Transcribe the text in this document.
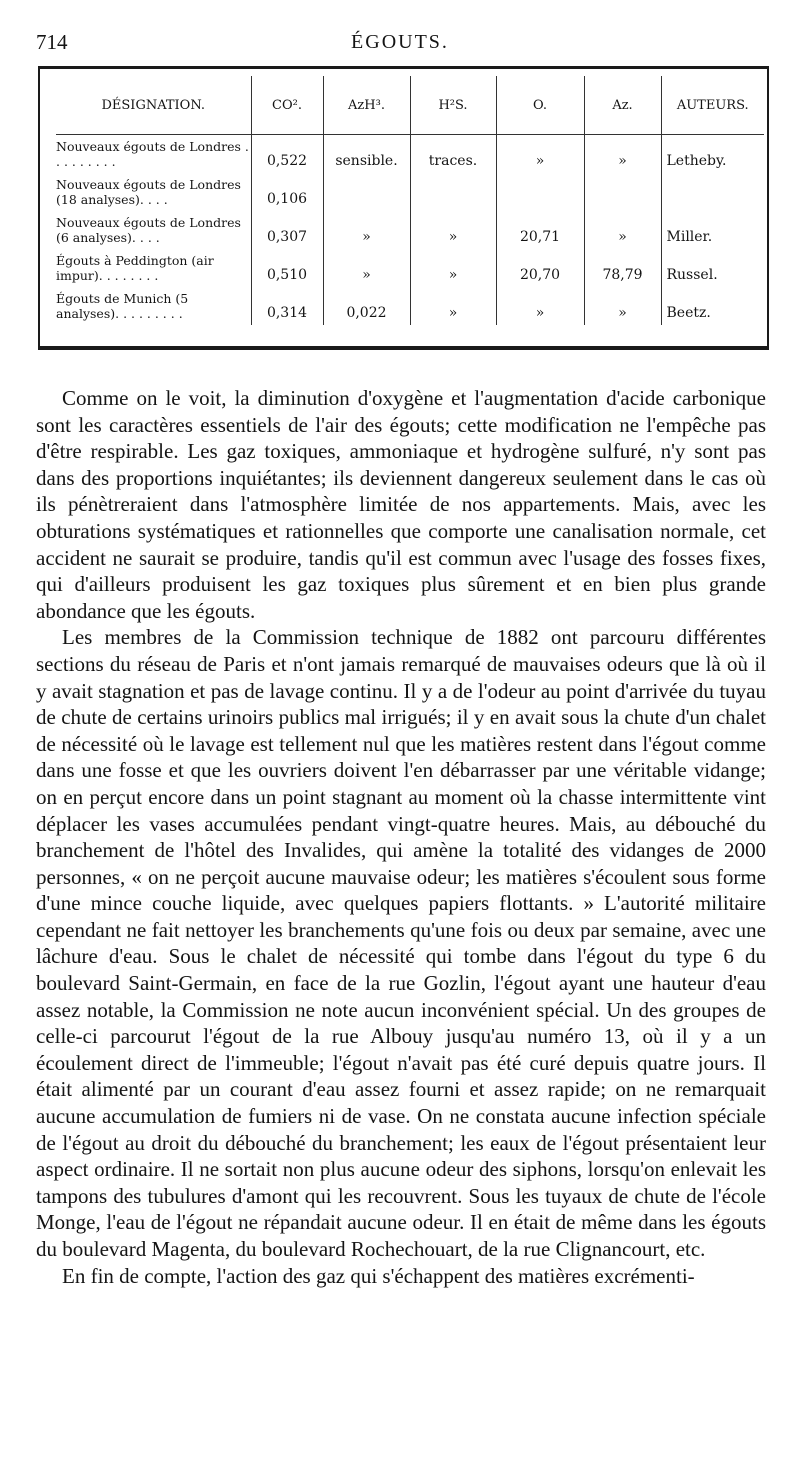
714	ÉGOUTS.
DÉSIGNATION.	CO².	AzH³.	H²S.	O.	Az.	AUTEURS.
Nouveaux égouts de Londres . . . . . . . . .	0,522	sensible.	traces.	»	»	Letheby.
Nouveaux égouts de Londres (18 analyses). . . .	0,106					
Nouveaux égouts de Londres (6 analyses). . . .	0,307	»	»	20,71	»	Miller.
Égouts à Peddington (air impur). . . . . . . .	0,510	»	»	20,70	78,79	Russel.
Égouts de Munich (5 analyses). . . . . . . . .	0,314	0,022	»	»	»	Beetz.

Comme on le voit, la diminution d'oxygène et l'augmentation d'acide carbonique sont les caractères essentiels de l'air des égouts; cette modification ne l'empêche pas d'être respirable. Les gaz toxiques, ammoniaque et hydrogène sulfuré, n'y sont pas dans des proportions inquiétantes; ils deviennent dangereux seulement dans le cas où ils pénètreraient dans l'atmosphère limitée de nos appartements. Mais, avec les obturations systématiques et rationnelles que comporte une canalisation normale, cet accident ne saurait se produire, tandis qu'il est commun avec l'usage des fosses fixes, qui d'ailleurs produisent les gaz toxiques plus sûrement et en bien plus grande abondance que les égouts.

Les membres de la Commission technique de 1882 ont parcouru différentes sections du réseau de Paris et n'ont jamais remarqué de mauvaises odeurs que là où il y avait stagnation et pas de lavage continu. Il y a de l'odeur au point d'arrivée du tuyau de chute de certains urinoirs publics mal irrigués; il y en avait sous la chute d'un chalet de nécessité où le lavage est tellement nul que les matières restent dans l'égout comme dans une fosse et que les ouvriers doivent l'en débarrasser par une véritable vidange; on en perçut encore dans un point stagnant au moment où la chasse intermittente vint déplacer les vases accumulées pendant vingt-quatre heures. Mais, au débouché du branchement de l'hôtel des Invalides, qui amène la totalité des vidanges de 2000 personnes, « on ne perçoit aucune mauvaise odeur; les matières s'écoulent sous forme d'une mince couche liquide, avec quelques papiers flottants. » L'autorité militaire cependant ne fait nettoyer les branchements qu'une fois ou deux par semaine, avec une lâchure d'eau. Sous le chalet de nécessité qui tombe dans l'égout du type 6 du boulevard Saint-Germain, en face de la rue Gozlin, l'égout ayant une hauteur d'eau assez notable, la Commission ne note aucun inconvénient spécial. Un des groupes de celle-ci parcourut l'égout de la rue Albouy jusqu'au numéro 13, où il y a un écoulement direct de l'immeuble; l'égout n'avait pas été curé depuis quatre jours. Il était alimenté par un courant d'eau assez fourni et assez rapide; on ne remarquait aucune accumulation de fumiers ni de vase. On ne constata aucune infection spéciale de l'égout au droit du débouché du branchement; les eaux de l'égout présentaient leur aspect ordinaire. Il ne sortait non plus aucune odeur des siphons, lorsqu'on enlevait les tampons des tubulures d'amont qui les recouvrent. Sous les tuyaux de chute de l'école Monge, l'eau de l'égout ne répandait aucune odeur. Il en était de même dans les égouts du boulevard Magenta, du boulevard Rochechouart, de la rue Clignancourt, etc.

En fin de compte, l'action des gaz qui s'échappent des matières excrémenti-
